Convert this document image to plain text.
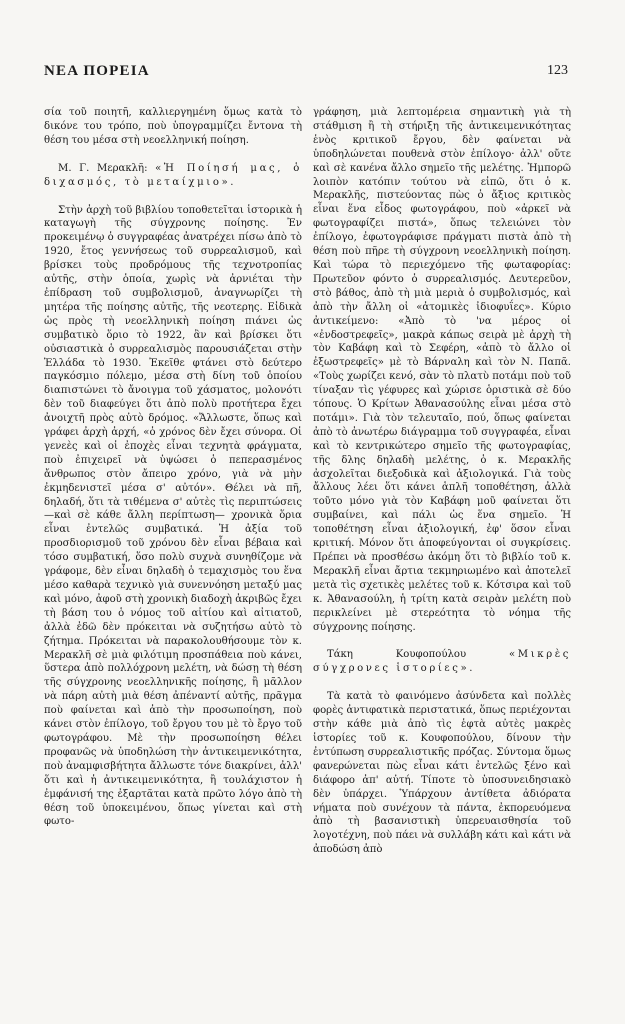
ΝΕΑ ΠΟΡΕΙΑ	123

σία τοῦ ποιητῆ, καλλιεργημένη ὅμως κατὰ τὸ δικόνε του τρόπο, ποὺ ὑπογραμμίζει ἔντονα τὴ θέση του μέσα στὴ νεοελληνική ποίηση.

Μ. Γ. Μερακλῆ: «Ἡ Ποίησή μας, ὁ διχασμός, τὸ μεταίχμιο».

Στὴν ἀρχὴ τοῦ βιβλίου τοποθετεῖται ἱστορικὰ ἡ καταγωγὴ τῆς σύγχρονης ποίησης. Ἐν προκειμένῳ ὁ συγγραφέας ἀνατρέχει πίσω ἀπὸ τὸ 1920, ἔτος γεννήσεως τοῦ συρρεαλισμοῦ, καὶ βρίσκει τοὺς προδρόμους τῆς τεχνοτροπίας αὐτῆς, στὴν ὁποία, χωρὶς νὰ ἀρνιέται τὴν ἐπίδραση τοῦ συμβολισμοῦ, ἀναγνωρίζει τὴ μητέρα τῆς ποίησης αὐτῆς, τῆς νεοτερης. Εἰδικὰ ὡς πρὸς τὴ νεοελληνικὴ ποίηση πιάνει ὡς συμβατικὸ ὅριο τὸ 1922, ἂν καὶ βρίσκει ὅτι οὐσιαστικὰ ὁ συρρεαλισμὸς παρουσιάζεται στὴν Ἑλλάδα τὸ 1930. Ἐκεῖθε φτάνει στὸ δεύτερο παγκόσμιο πόλεμο, μέσα στὴ δίνη τοῦ ὁποίου διαπιστώνει τὸ ἄνοιγμα τοῦ χάσματος, μολονότι δὲν τοῦ διαφεύγει ὅτι ἀπὸ πολὺ προτήτερα ἔχει ἀνοιχτῆ πρὸς αὐτὸ δρόμος. «Ἄλλωστε, ὅπως καὶ γράφει ἀρχὴ ἀρχή, «ὁ χρόνος δὲν ἔχει σύνορα. Οἱ γενεὲς καὶ οἱ ἐποχὲς εἶναι τεχνητὰ φράγματα, ποὺ ἐπιχειρεῖ νὰ ὑψώσει ὁ πεπερασμένος ἄνθρωπος στὸν ἄπειρο χρόνο, γιὰ νὰ μὴν ἐκμηδενιστεῖ μέσα σ' αὐτόν». Θέλει νὰ πῆ, δηλαδή, ὅτι τὰ τιθέμενα σ' αὐτὲς τὶς περιπτώσεις —καὶ σὲ κάθε ἄλλη περίπτωση— χρονικὰ ὅρια εἶναι ἐντελῶς συμβατικά. Ἡ ἀξία τοῦ προσδιορισμοῦ τοῦ χρόνου δὲν εἶναι βέβαια καὶ τόσο συμβατική, ὅσο πολὺ συχνὰ συνηθίζομε νὰ γράφομε, δὲν εἶναι δηλαδὴ ὁ τεμαχισμὸς του ἕνα μέσο καθαρὰ τεχνικὸ γιὰ συνεννόηση μεταξύ μας καὶ μόνο, ἀφοῦ στὴ χρονικὴ διαδοχὴ ἀκριβῶς ἔχει τὴ βάση του ὁ νόμος τοῦ αἰτίου καὶ αἰτιατοῦ, ἀλλὰ ἐδῶ δὲν πρόκειται νὰ συζητήσω αὐτὸ τὸ ζήτημα. Πρόκειται νὰ παρακολουθήσουμε τὸν κ. Μερακλῆ σὲ μιὰ φιλότιμη προσπάθεια ποὺ κάνει, ὕστερα ἀπὸ πολλόχρονη μελέτη, νὰ δώσῃ τὴ θέση τῆς σύγχρονης νεοελληνικῆς ποίησης, ἢ μᾶλλον νὰ πάρη αὐτὴ μιὰ θέση ἀπέναντί αὐτῆς, πρᾶγμα ποὺ φαίνεται καὶ ἀπὸ τὴν προσωποίηση, ποὺ κάνει στὸν ἐπίλογο, τοῦ ἔργου του μὲ τὸ ἔργο τοῦ φωτογράφου. Μὲ τὴν προσωποίηση θέλει προφανῶς νὰ ὑποδηλώση τὴν ἀντικειμενικότητα, ποὺ ἀναμφισβήτητα ἄλλωστε τόνε διακρίνει, ἀλλ' ὅτι καὶ ἡ ἀντικειμενικότητα, ἢ τουλάχιστον ἡ ἐμφάνισή της ἐξαρτᾶται κατὰ πρῶτο λόγο ἀπὸ τὴ θέση τοῦ ὑποκειμένου, ὅπως γίνεται καὶ στὴ φωτο-

γράφηση, μιὰ λεπτομέρεια σημαντικὴ γιὰ τὴ στάθμιση ἢ τὴ στήριξη τῆς ἀντικειμενικότητας ἑνὸς κριτικοῦ ἔργου, δὲν φαίνεται νὰ ὑποδηλώνεται πουθενὰ στὸν ἐπίλογο· ἀλλ' οὔτε καὶ σὲ κανένα ἄλλο σημεῖο τῆς μελέτης. Ἠμπορῶ λοιπὸν κατόπιν τούτου νὰ εἰπῶ, ὅτι ὁ κ. Μερακλῆς, πιστεύοντας πὼς ὁ ἄξιος κριτικὸς εἶναι ἕνα εἶδος φωτογράφου, ποὺ «ἀρκεῖ νὰ φωτογραφίζει πιστά», ὅπως τελειώνει τὸν ἐπίλογο, ἐφωτογράφισε πράγματι πιστὰ ἀπὸ τὴ θέση ποὺ πῆρε τὴ σύγχρονη νεοελληνικὴ ποίηση. Καὶ τώρα τὸ περιεχόμενο τῆς φωταφορίας: Πρωτεῦον φόντο ὁ συρρεαλισμός. Δευτερεῦον, στὸ βάθος, ἀπὸ τὴ μιὰ μεριὰ ὁ συμβολισμός, καὶ ἀπὸ τὴν ἄλλη οἱ «ἀτομικὲς ἰδιοφυΐες». Κύριο ἀντικείμενο: «Ἀπὸ τὸ 'να μέρος οἱ «ἐνδοστρεφεῖς», μακρὰ κάπως σειρὰ μὲ ἀρχὴ τὴ τὸν Καβάφη καὶ τὸ Σεφέρη, «ἀπὸ τὸ ἄλλο οἱ ἐξωστρεφεῖς» μὲ τὸ Βάρναλη καὶ τὸν Ν. Παπᾶ. «Τοὺς χωρίζει κενό, σὰν τὸ πλατὺ ποτάμι ποὺ τοῦ τίναξαν τὶς γέφυρες καὶ χώρισε ὁριστικὰ σὲ δύο τόπους. Ὁ Κρίτων Ἀθανασούλης εἶναι μέσα στὸ ποτάμι». Γιὰ τὸν τελευταῖο, πού, ὅπως φαίνεται ἀπὸ τὸ ἀνωτέρω διάγραμμα τοῦ συγγραφέα, εἶναι καὶ τὸ κεντρικώτερο σημεῖο τῆς φωτογραφίας, τῆς δλης δηλαδὴ μελέτης, ὁ κ. Μερακλῆς ἀσχολεῖται διεξοδικὰ καὶ ἀξιολογικά. Γιὰ τοὺς ἄλλους λέει ὅτι κάνει ἁπλῆ τοποθέτηση, ἀλλὰ τοῦτο μόνο γιὰ τὸν Καβάφη μοῦ φαίνεται ὅτι συμβαίνει, καὶ πάλι ὡς ἕνα σημεῖο. Ἡ τοποθέτηση εἶναι ἀξιολογική, ἐφ' ὅσον εἶναι κριτική. Μόνον ὅτι ἀποφεύγονται οἱ συγκρίσεις. Πρέπει νὰ προσθέσω ἀκόμη ὅτι τὸ βιβλίο τοῦ κ. Μερακλῆ εἶναι ἄρτια τεκμηριωμένο καὶ ἀποτελεῖ μετὰ τὶς σχετικὲς μελέτες τοῦ κ. Κότσιρα καὶ τοῦ κ. Ἀθανασούλη, ἡ τρίτη κατὰ σειρὰν μελέτη ποὺ περικλείνει μὲ στερεότητα τὸ νόημα τῆς σύγχρονης ποίησης.

Τάκη Κουφοπούλου	«Μικρὲς σύγχρονες ἱστορίες».

Τὰ κατὰ τὸ φαινόμενο ἀσύνδετα καὶ πολλὲς φορὲς ἀντιφατικὰ περιστατικά, ὅπως περιέχονται στὴν κάθε μιὰ ἀπὸ τὶς ἑφτὰ αὐτὲς μακρὲς ἱστορίες τοῦ κ. Κουφοπούλου, δίνουν τὴν ἐντύπωση συρρεαλιστικῆς πρόζας. Σύντομα ὅμως φανερώνεται πὼς εἶναι κάτι ἐντελῶς ξένο καὶ διάφορο ἀπ' αὐτή. Τίποτε τὸ ὑποσυνειδησιακὸ δὲν ὑπάρχει. Ὑπάρχουν ἀντίθετα ἀδιόρατα νήματα ποὺ συνέχουν τὰ πάντα, ἐκπορευόμενα ἀπὸ τὴ βασανιστικὴ ὑπερευαισθησία τοῦ λογοτέχνη, ποὺ πάει νὰ συλλάβη κάτι καὶ κάτι νὰ ἀποδώση ἀπὸ
